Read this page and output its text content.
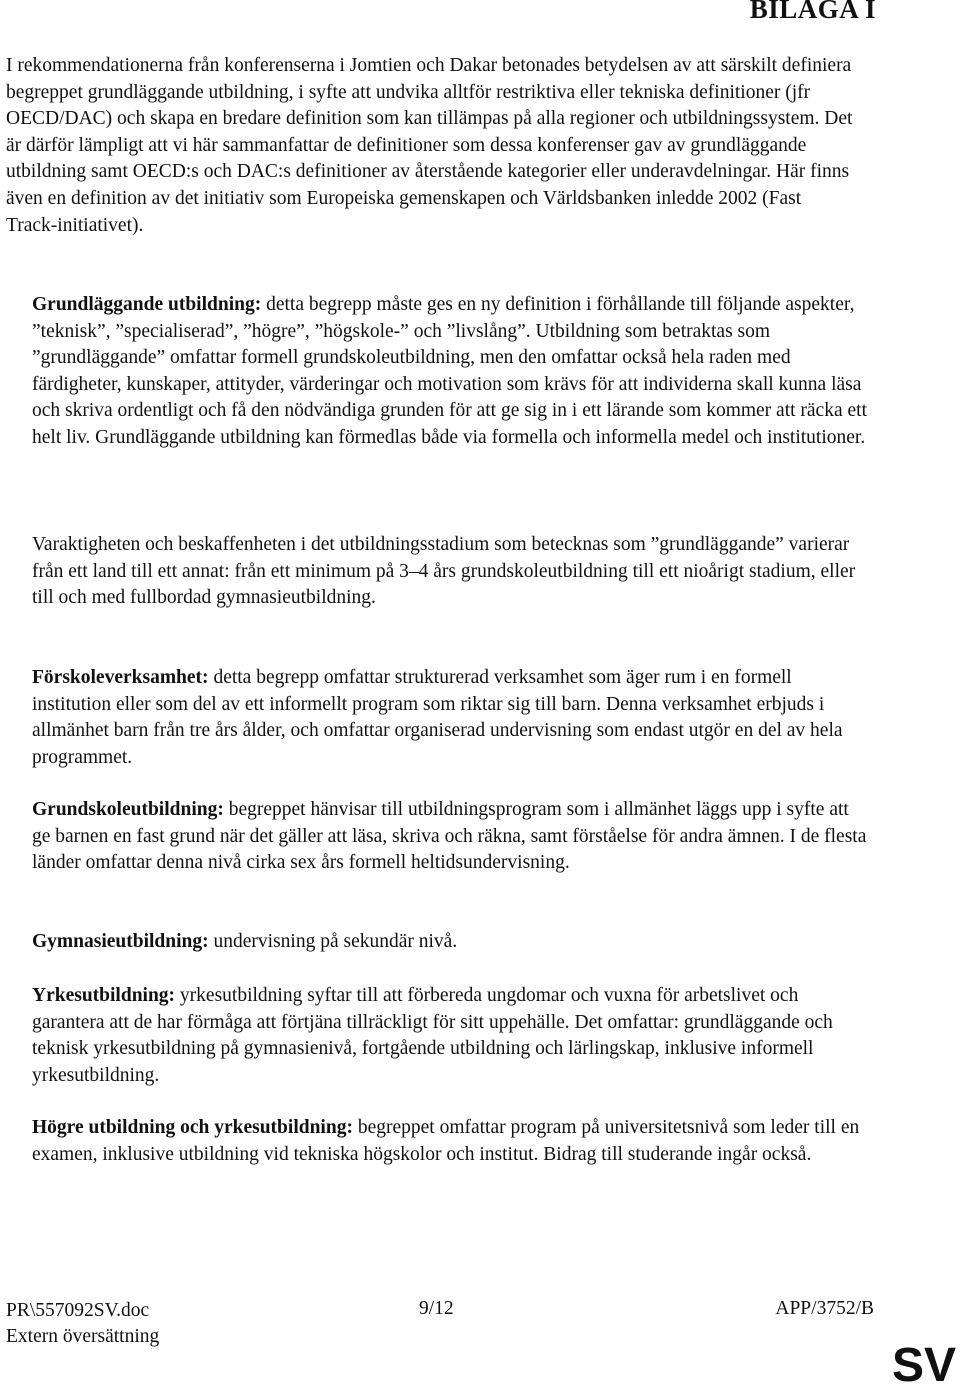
BILAGA I

I rekommendationerna från konferenserna i Jomtien och Dakar betonades betydelsen av att särskilt definiera begreppet grundläggande utbildning, i syfte att undvika alltför restriktiva eller tekniska definitioner (jfr OECD/DAC) och skapa en bredare definition som kan tillämpas på alla regioner och utbildningssystem. Det är därför lämpligt att vi här sammanfattar de definitioner som dessa konferenser gav av grundläggande utbildning samt OECD:s och DAC:s definitioner av återstående kategorier eller underavdelningar. Här finns även en definition av det initiativ som Europeiska gemenskapen och Världsbanken inledde 2002 (Fast Track-initiativet).

Grundläggande utbildning: detta begrepp måste ges en ny definition i förhållande till följande aspekter, ”teknisk”, ”specialiserad”, ”högre”, ”högskole-” och ”livslång”. Utbildning som betraktas som ”grundläggande” omfattar formell grundskoleutbildning, men den omfattar också hela raden med färdigheter, kunskaper, attityder, värderingar och motivation som krävs för att individerna skall kunna läsa och skriva ordentligt och få den nödvändiga grunden för att ge sig in i ett lärande som kommer att räcka ett helt liv. Grundläggande utbildning kan förmedlas både via formella och informella medel och institutioner.

Varaktigheten och beskaffenheten i det utbildningsstadium som betecknas som ”grundläggande” varierar från ett land till ett annat: från ett minimum på 3–4 års grundskoleutbildning till ett nioårigt stadium, eller till och med fullbordad gymnasieutbildning.

Förskoleverksamhet: detta begrepp omfattar strukturerad verksamhet som äger rum i en formell institution eller som del av ett informellt program som riktar sig till barn. Denna verksamhet erbjuds i allmänhet barn från tre års ålder, och omfattar organiserad undervisning som endast utgör en del av hela programmet.

Grundskoleutbildning: begreppet hänvisar till utbildningsprogram som i allmänhet läggs upp i syfte att ge barnen en fast grund när det gäller att läsa, skriva och räkna, samt förståelse för andra ämnen. I de flesta länder omfattar denna nivå cirka sex års formell heltidsundervisning.

Gymnasieutbildning: undervisning på sekundär nivå.

Yrkesutbildning: yrkesutbildning syftar till att förbereda ungdomar och vuxna för arbetslivet och garantera att de har förmåga att förtjäna tillräckligt för sitt uppehälle. Det omfattar: grundläggande och teknisk yrkesutbildning på gymnasienivå, fortgående utbildning och lärlingskap, inklusive informell yrkesutbildning.

Högre utbildning och yrkesutbildning: begreppet omfattar program på universitetsnivå som leder till en examen, inklusive utbildning vid tekniska högskolor och institut. Bidrag till studerande ingår också.

PR\557092SV.doc
Extern översättning
9/12	APP/3752/B
SV
